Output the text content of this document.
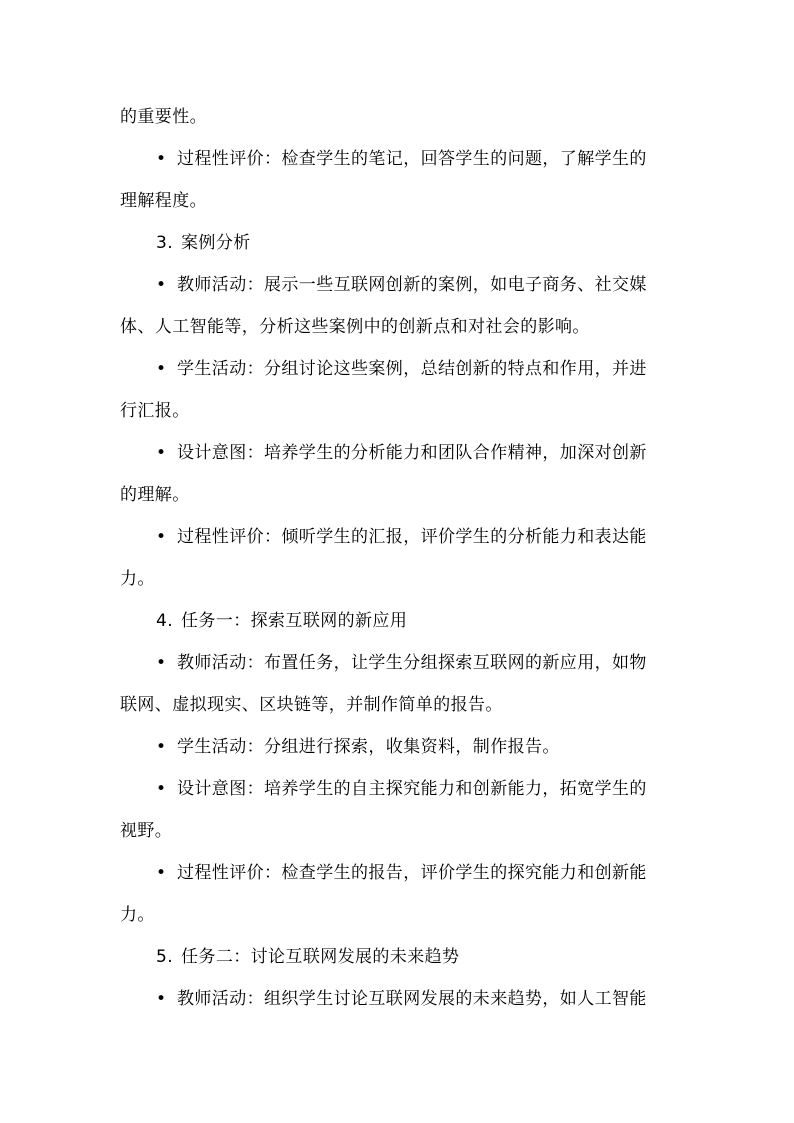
的重要性。
• 过程性评价：检查学生的笔记，回答学生的问题，了解学生的
理解程度。
3. 案例分析
• 教师活动：展示一些互联网创新的案例，如电子商务、社交媒
体、人工智能等，分析这些案例中的创新点和对社会的影响。
• 学生活动：分组讨论这些案例，总结创新的特点和作用，并进
行汇报。
• 设计意图：培养学生的分析能力和团队合作精神，加深对创新
的理解。
• 过程性评价：倾听学生的汇报，评价学生的分析能力和表达能
力。
4. 任务一：探索互联网的新应用
• 教师活动：布置任务，让学生分组探索互联网的新应用，如物
联网、虚拟现实、区块链等，并制作简单的报告。
• 学生活动：分组进行探索，收集资料，制作报告。
• 设计意图：培养学生的自主探究能力和创新能力，拓宽学生的
视野。
• 过程性评价：检查学生的报告，评价学生的探究能力和创新能
力。
5. 任务二：讨论互联网发展的未来趋势
• 教师活动：组织学生讨论互联网发展的未来趋势，如人工智能
